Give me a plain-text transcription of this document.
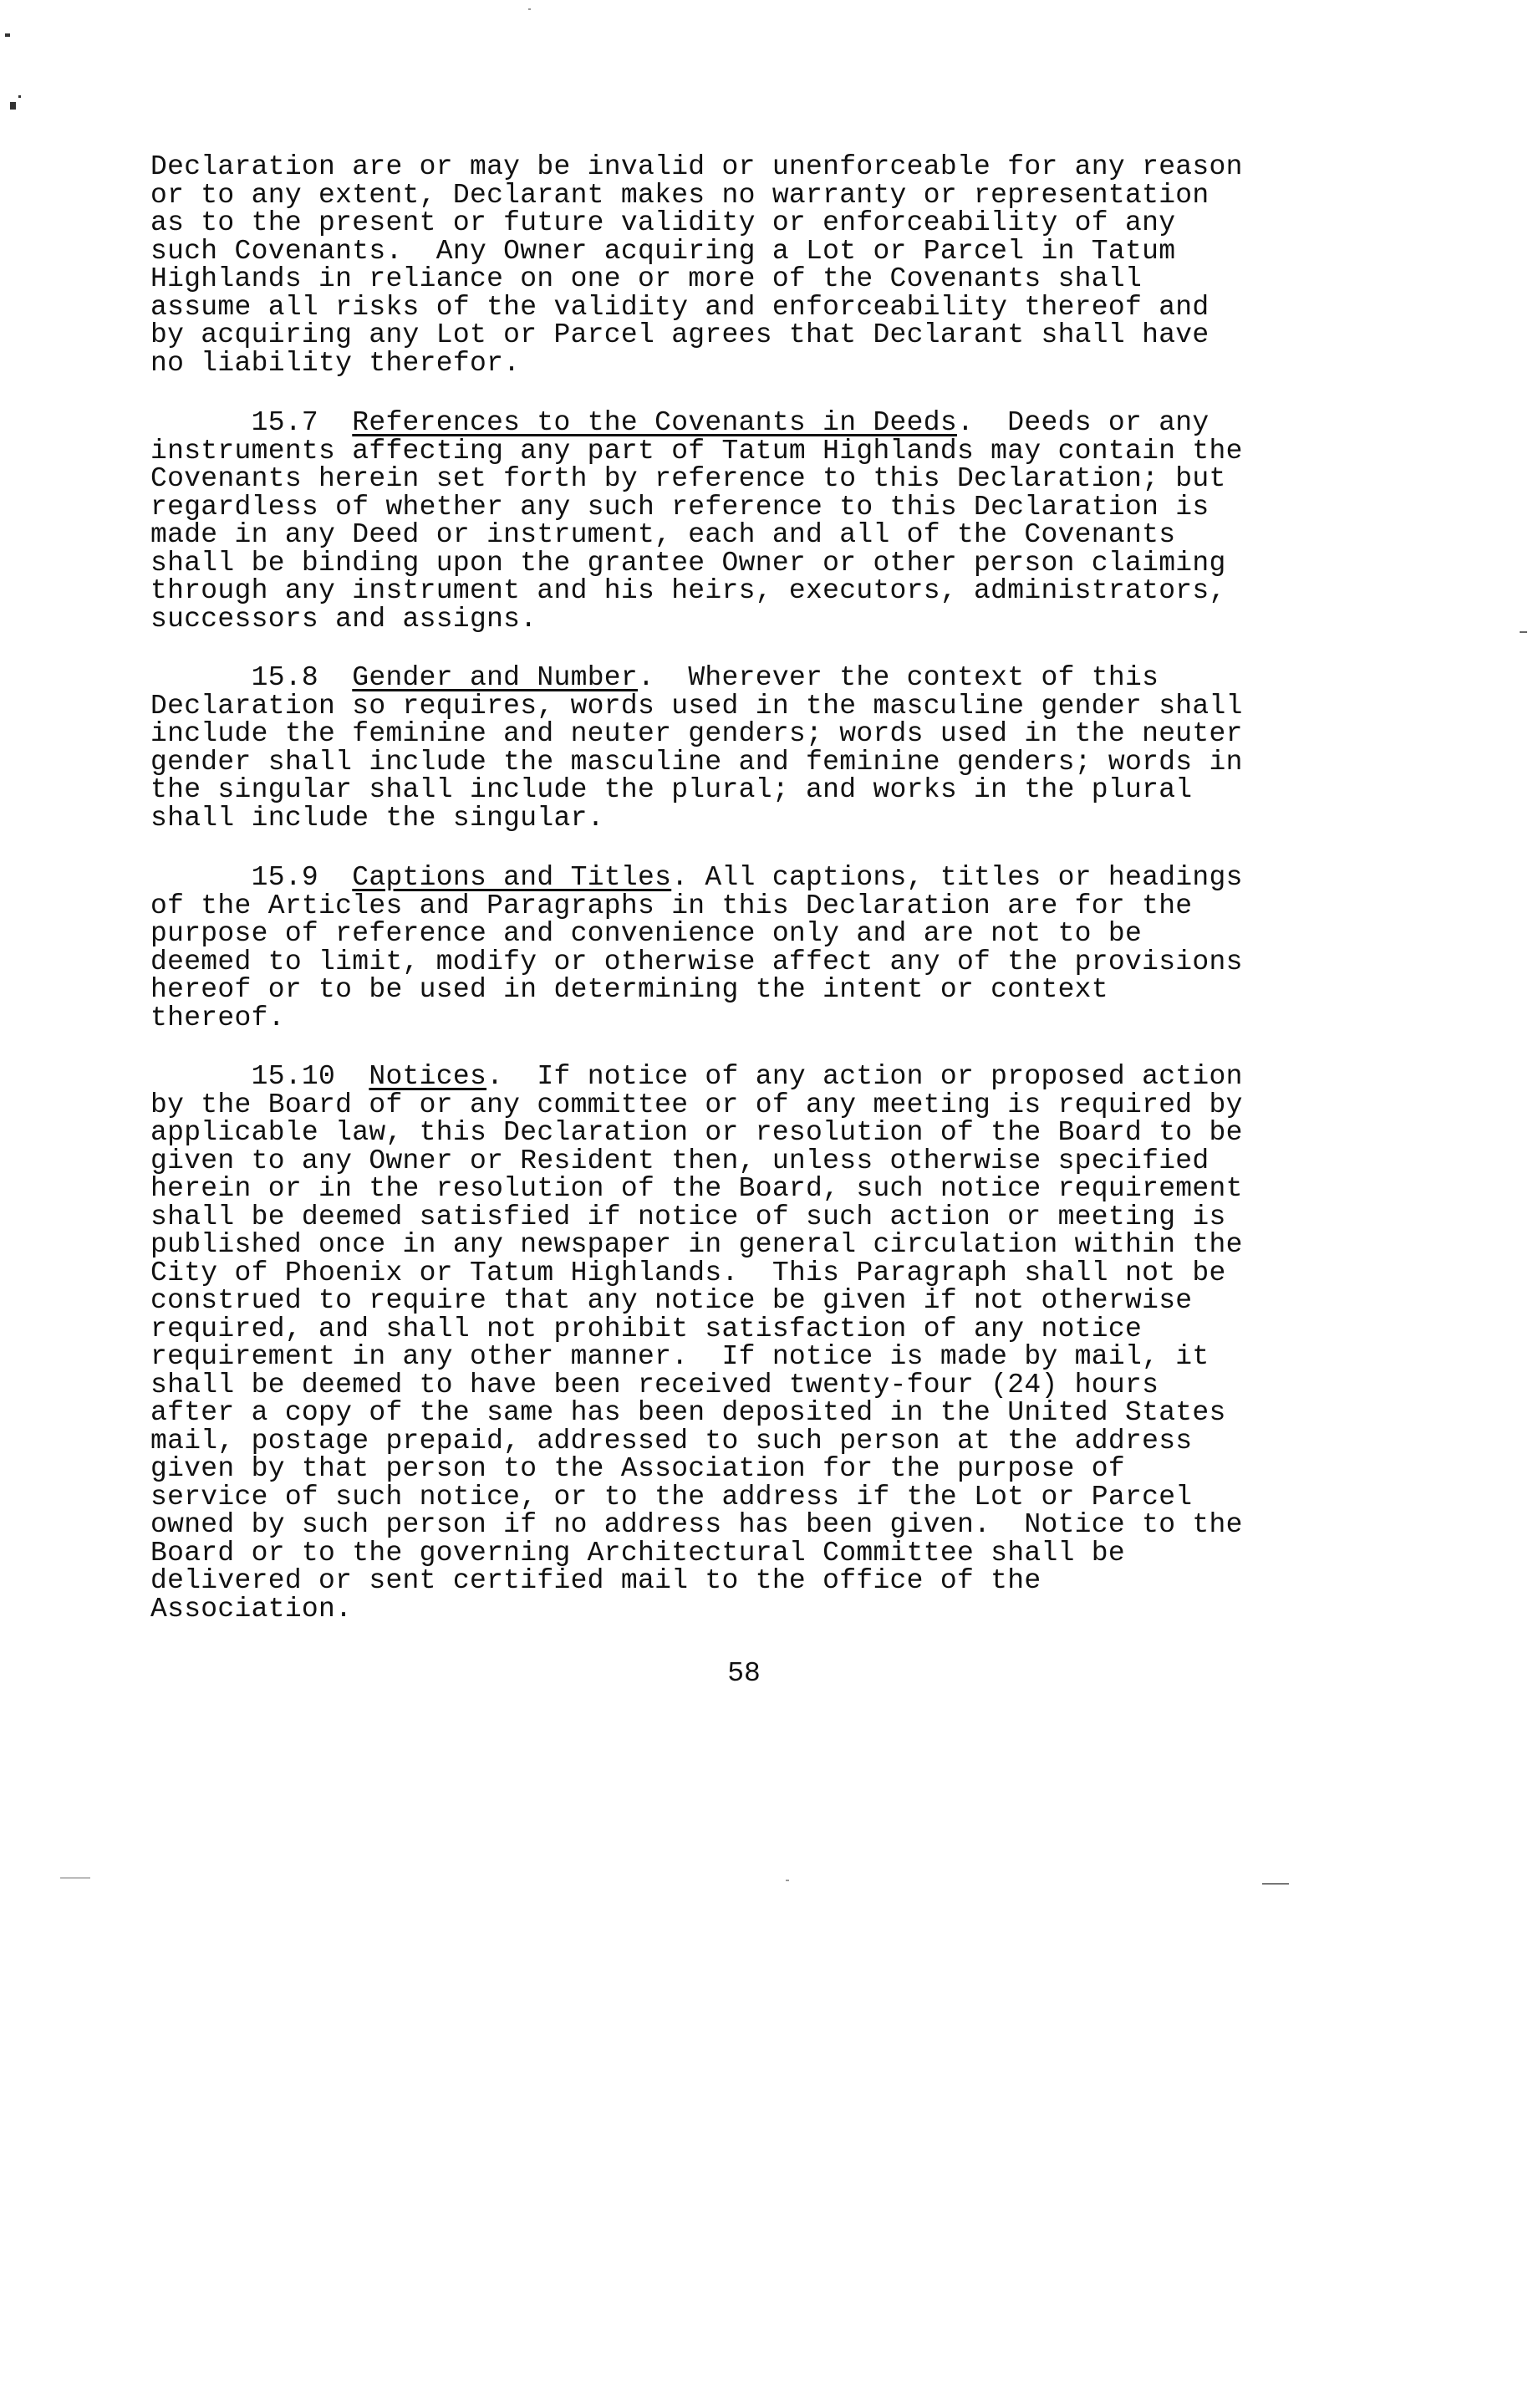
Declaration are or may be invalid or unenforceable for any reason
or to any extent, Declarant makes no warranty or representation
as to the present or future validity or enforceability of any
such Covenants.  Any Owner acquiring a Lot or Parcel in Tatum
Highlands in reliance on one or more of the Covenants shall
assume all risks of the validity and enforceability thereof and
by acquiring any Lot or Parcel agrees that Declarant shall have
no liability therefor.
15.7  References to the Covenants in Deeds.  Deeds or any
instruments affecting any part of Tatum Highlands may contain the
Covenants herein set forth by reference to this Declaration; but
regardless of whether any such reference to this Declaration is
made in any Deed or instrument, each and all of the Covenants
shall be binding upon the grantee Owner or other person claiming
through any instrument and his heirs, executors, administrators,
successors and assigns.
15.8  Gender and Number.  Wherever the context of this
Declaration so requires, words used in the masculine gender shall
include the feminine and neuter genders; words used in the neuter
gender shall include the masculine and feminine genders; words in
the singular shall include the plural; and works in the plural
shall include the singular.
15.9  Captions and Titles. All captions, titles or headings
of the Articles and Paragraphs in this Declaration are for the
purpose of reference and convenience only and are not to be
deemed to limit, modify or otherwise affect any of the provisions
hereof or to be used in determining the intent or context
thereof.
15.10  Notices.  If notice of any action or proposed action
by the Board of or any committee or of any meeting is required by
applicable law, this Declaration or resolution of the Board to be
given to any Owner or Resident then, unless otherwise specified
herein or in the resolution of the Board, such notice requirement
shall be deemed satisfied if notice of such action or meeting is
published once in any newspaper in general circulation within the
City of Phoenix or Tatum Highlands.  This Paragraph shall not be
construed to require that any notice be given if not otherwise
required, and shall not prohibit satisfaction of any notice
requirement in any other manner.  If notice is made by mail, it
shall be deemed to have been received twenty-four (24) hours
after a copy of the same has been deposited in the United States
mail, postage prepaid, addressed to such person at the address
given by that person to the Association for the purpose of
service of such notice, or to the address if the Lot or Parcel
owned by such person if no address has been given.  Notice to the
Board or to the governing Architectural Committee shall be
delivered or sent certified mail to the office of the
Association.
58
